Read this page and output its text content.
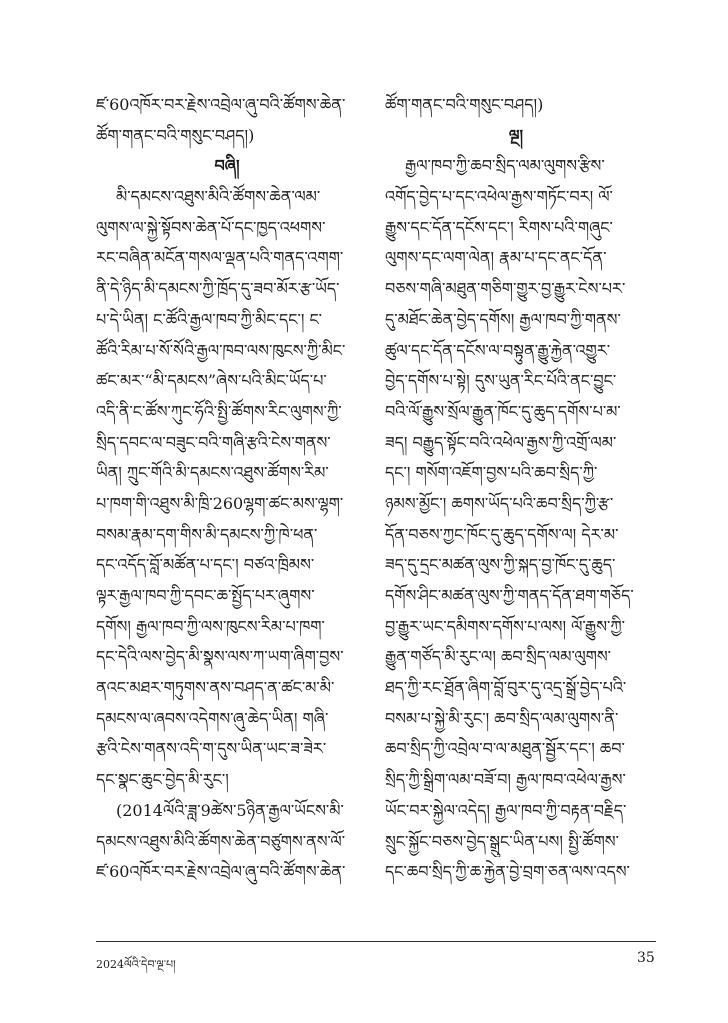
ཛ་60འཁོར་བར་རྗེས་འབྲེལ་ཞུ་བའི་ཚོགས་ཆེན་
ཚོག་གནང་བའི་གསུང་བཤད།)
བཞི།
མི་དམངས་འཐུས་མིའི་ཚོགས་ཆེན་ལམ་
ལུགས་ལ་སྐྱེ་སྟོབས་ཆེན་པོ་དང་ཁྱད་འཕགས་
རང་བཞིན་མངོན་གསལ་ལྡན་པའི་གནད་འགག་
ནི་དེ་ཉིད་མི་དམངས་ཀྱི་ཁྲོད་དུ་ཟབ་མོར་རྩ་ཡོད་
པ་དེ་ཡིན། ང་ཚོའི་རྒྱལ་ཁབ་ཀྱི་མིང་དང་། ང་
ཚོའི་རིམ་པ་སོ་སོའི་རྒྱལ་ཁབ་ལས་ཁུངས་ཀྱི་མིང་
ཚང་མར་“མི་དམངས”ཞེས་པའི་མིང་ཡོད་པ་
འདི་ནི་ང་ཚོས་ཀུང་ཧོའི་སྤྱི་ཚོགས་རིང་ལུགས་ཀྱི་
སྲིད་དབང་ལ་བཟུང་བའི་གཞི་རྩའི་ངེས་གནས་
ཡིན། ཀྲུང་གོའི་མི་དམངས་འཐུས་ཚོགས་རིམ་
པ་ཁག་གི་འཐུས་མི་ཁྲི་260ལྷག་ཚང་མས་ལྷག་
བསམ་རྣམ་དག་གིས་མི་དམངས་ཀྱི་ཁེ་ཕན་
དང་འདོད་བློ་མཚོན་པ་དང་། བཙའ་ཁྲིམས་
ལྟར་རྒྱལ་ཁབ་ཀྱི་དབང་ཆ་སྤྱོད་པར་ཞུགས་
དགོས། རྒྱལ་ཁབ་ཀྱི་ལས་ཁུངས་རིམ་པ་ཁག་
དང་དེའི་ལས་བྱེད་མི་སྣས་ལས་ཀ་ཡག་ཞིག་བྱས་
ནའང་མཐར་གཏུགས་ནས་བཤད་ན་ཚང་མ་མི་
དམངས་ལ་ཞབས་འདེགས་ཞུ་ཆེད་ཡིན། གཞི་
རྩའི་ངེས་གནས་འདི་ག་དུས་ཡིན་ཡང་ཟ་ཟེར་
དང་སྣང་ཆུང་བྱེད་མི་རུང་།
(2014ལོའི་ཟླ་9ཚེས་5ཉིན་རྒྱལ་ཡོངས་མི་
དམངས་འཐུས་མིའི་ཚོགས་ཆེན་བཙུགས་ནས་ལོ་
ཛ་60འཁོར་བར་རྗེས་འབྲེལ་ཞུ་བའི་ཚོགས་ཆེན་
ཚོག་གནང་བའི་གསུང་བཤད།)
ལྔ།
རྒྱལ་ཁབ་ཀྱི་ཆབ་སྲིད་ལམ་ལུགས་རྩིས་
འགོད་བྱེད་པ་དང་འཕེལ་རྒྱས་གཏོང་བར། ལོ་
རྒྱུས་དང་དོན་དངོས་དང་། རིགས་པའི་གཞུང་
ལུགས་དང་ལག་ལེན། རྣམ་པ་དང་ནང་དོན་
བཅས་གཞི་མཐུན་གཅིག་གྱུར་བྱ་རྒྱུར་ངེས་པར་
དུ་མཐོང་ཆེན་བྱེད་དགོས། རྒྱལ་ཁབ་ཀྱི་གནས་
ཚུལ་དང་དོན་དངོས་ལ་བསྟུན་རྒྱུ་རྐྱེན་འགྱུར་
བྱེད་དགོས་པ་སྟེ། དུས་ཡུན་རིང་པོའི་ནང་བྱུང་
བའི་ལོ་རྒྱུས་སྲོལ་རྒྱུན་ཁོང་དུ་ཆུད་དགོས་པ་མ་
ཟད། བརྒྱུད་སྟོང་བའི་འཕེལ་རྒྱས་ཀྱི་འགྲོ་ལམ་
དང་། གསོག་འཇོག་བྱས་པའི་ཆབ་སྲིད་ཀྱི་
ཉམས་མྱོང་། ཆགས་ཡོད་པའི་ཆབ་སྲིད་ཀྱི་རྩ་
དོན་བཅས་ཀྱང་ཁོང་དུ་ཆུད་དགོས་ལ། དེར་མ་
ཟད་དུ་དྲང་མཚན་ལུས་ཀྱི་སྐད་བྱ་ཁོང་དུ་ཆུད་
དགོས་ཤིང་མཚན་ལུས་ཀྱི་གནད་དོན་ཐག་གཅོད་
བྱ་རྒྱུར་ཡང་དམིགས་དགོས་པ་ལས། ལོ་རྒྱུས་ཀྱི་
རྒྱུན་གཙོད་མི་རུང་ལ། ཆབ་སྲིད་ལམ་ལུགས་
ཐད་ཀྱི་རང་ཐྲོན་ཞིག་བློ་བུར་དུ་འདྲ་སྒྲོ་བྱེད་པའི་
བསམ་པ་སྐྱེ་མི་རུང་། ཆབ་སྲིད་ལམ་ལུགས་ནི་
ཆབ་སྲིད་ཀྱི་འབྲེལ་བ་ལ་མཐུན་སྦྱོར་དང་། ཆབ་
སྲིད་ཀྱི་སྒྲིག་ལམ་བཟོ་བ། རྒྱལ་ཁབ་འཕེལ་རྒྱས་
ཡོང་བར་སྐྱེལ་འདེད། རྒྱལ་ཁབ་ཀྱི་བརྟན་བརྗིད་
སྲུང་སྐྱོང་བཅས་བྱེད་སྒྲུང་ཡིན་པས། སྤྱི་ཚོགས་
དང་ཆབ་སྲིད་ཀྱི་ཆ་རྐྱེན་བྱེ་བྲག་ཅན་ལས་འདས་
2024ལོའི་དེབ་ལྔ་པ།	35
